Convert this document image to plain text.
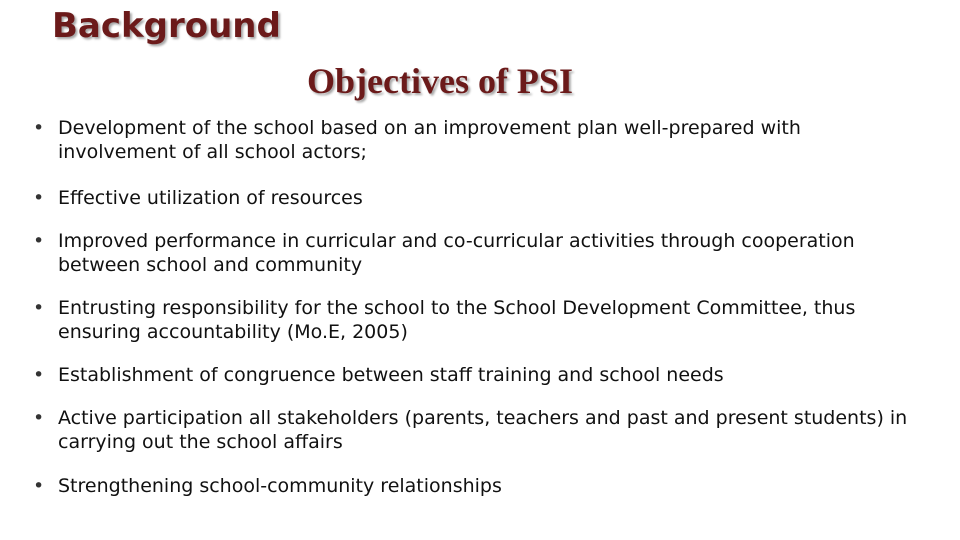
Background
Objectives of PSI
• Development of the school based on an improvement plan well-prepared with involvement of all school actors;
• Effective utilization of resources
• Improved performance in curricular and co-curricular activities through cooperation between school and community
• Entrusting responsibility for the school to the School Development Committee, thus ensuring accountability (Mo.E, 2005)
• Establishment of congruence between staff training and school needs
• Active participation all stakeholders (parents, teachers and past and present students) in carrying out the school affairs
• Strengthening school-community relationships
